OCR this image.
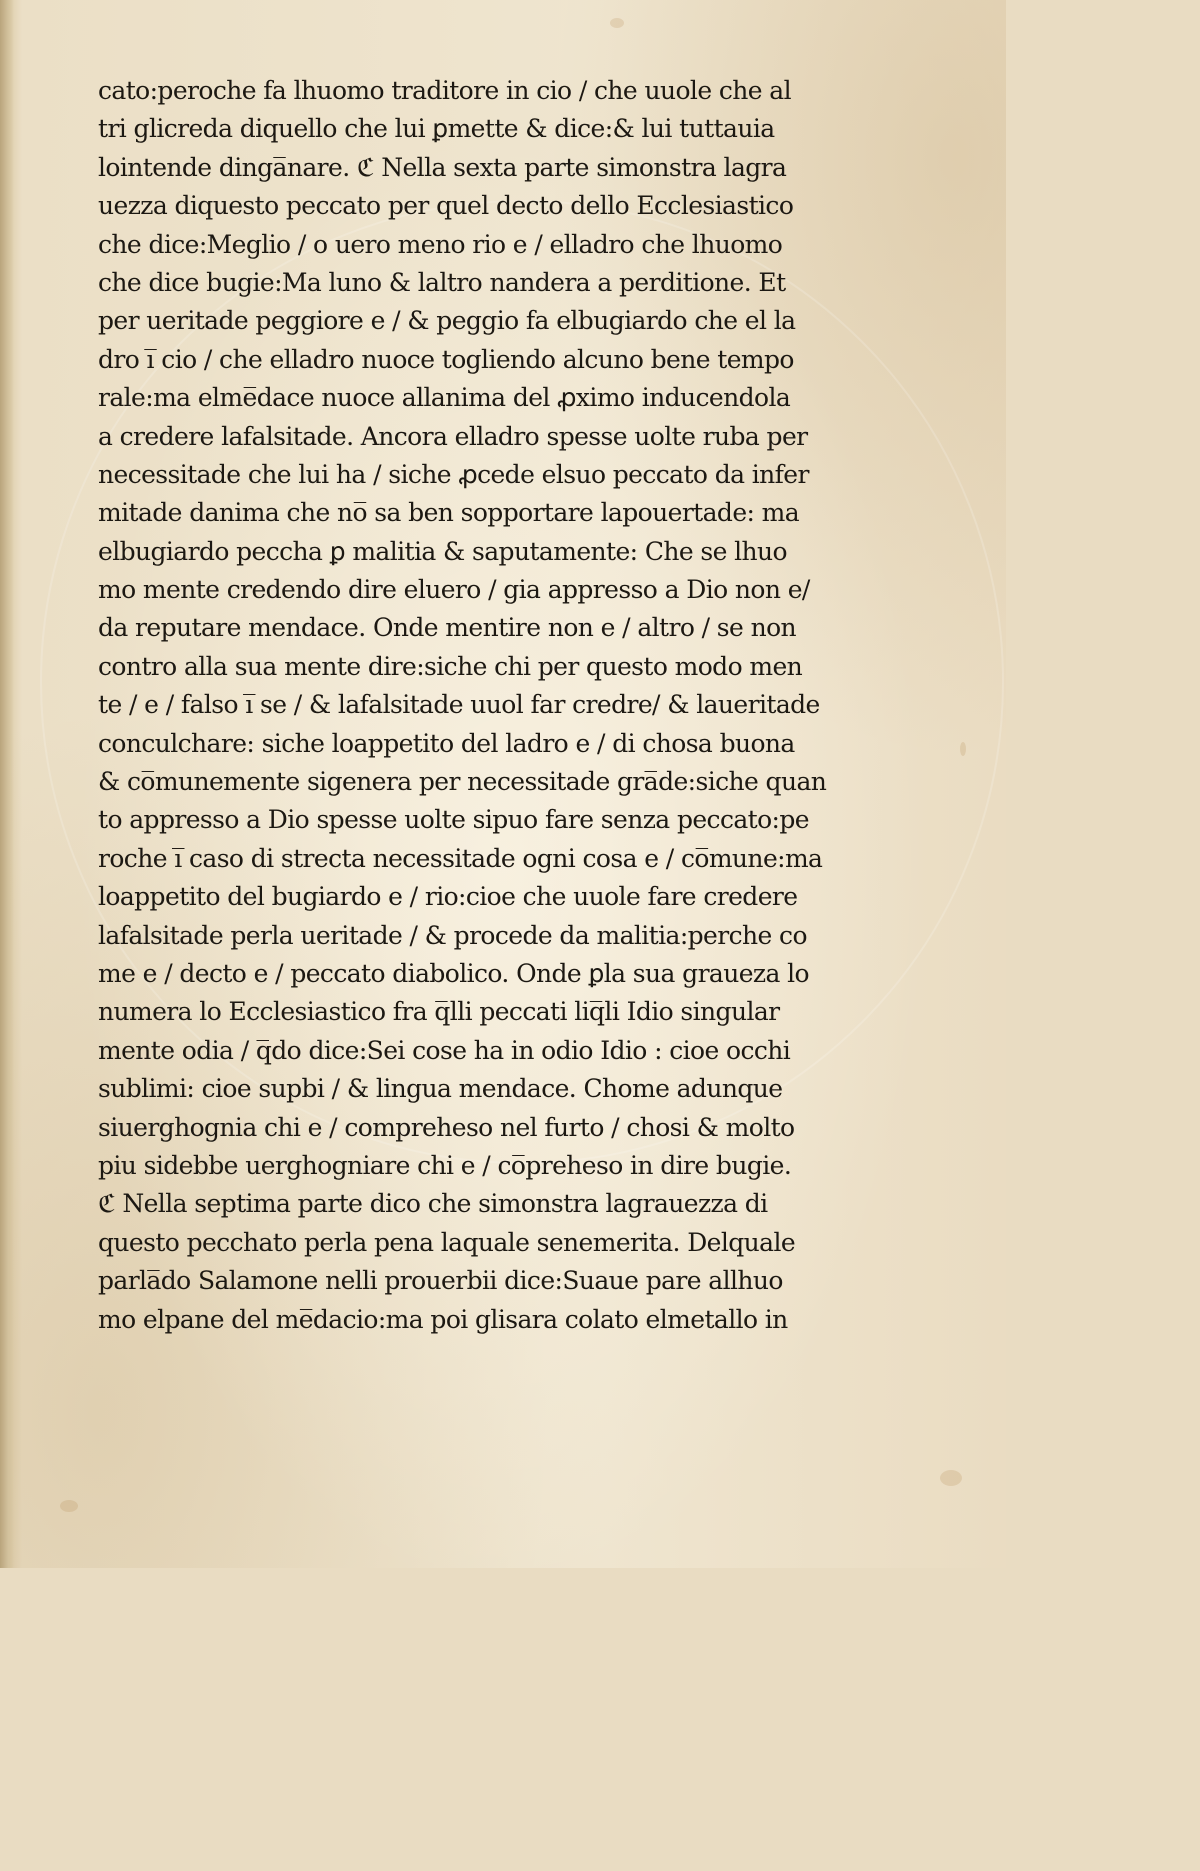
cato:peroche fa lhuomo traditore in cio / che uuole che al
tri glicreda diquello che lui ꝑmette & dice:& lui tuttauia
lointende dinga̅nare. ℭ Nella sexta parte simonstra lagra
uezza diquesto peccato per quel decto dello Ecclesiastico
che dice:Meglio / o uero meno rio e / elladro che lhuomo
che dice bugie:Ma luno & laltro nandera a perditione. Et
per ueritade peggiore e / & peggio fa elbugiardo che el la
dro i̅ cio / che elladro nuoce togliendo alcuno bene tempo
rale:ma elme̅dace nuoce allanima del ꝓximo inducendola
a credere lafalsitade. Ancora elladro spesse uolte ruba per
necessitade che lui ha / siche ꝓcede elsuo peccato da infer
mitade danima che no̅ sa ben sopportare lapouertade: ma
elbugiardo peccha ꝑ malitia & saputamente: Che se lhuo
mo mente credendo dire eluero / gia appresso a Dio non e/
da reputare mendace. Onde mentire non e / altro / se non
contro alla sua mente dire:siche chi per questo modo men
te / e / falso i̅ se / & lafalsitade uuol far credre/ & laueritade
conculchare: siche loappetito del ladro e / di chosa buona
& co̅munemente sigenera per necessitade gra̅de:siche quan
to appresso a Dio spesse uolte sipuo fare senza peccato:pe
roche i̅ caso di strecta necessitade ogni cosa e / co̅mune:ma
loappetito del bugiardo e / rio:cioe che uuole fare credere
lafalsitade perla ueritade / & procede da malitia:perche co
me e / decto e / peccato diabolico. Onde ꝑla sua graueza lo
numera lo Ecclesiastico fra q̅lli peccati liq̅li Idio singular
mente odia / q̅do dice:Sei cose ha in odio Idio : cioe occhi
sublimi: cioe supbi / & lingua mendace. Chome adunque
siuerghognia chi e / comprehesο nel furto / chosi & molto
piu sidebbe uerghogniare chi e / co̅prehesο in dire bugie.
ℭ Nella septima parte dico che simonstra lagrauezza di
questo pecchato perla pena laquale senemerita. Delquale
parla̅do Salamone nelli prouerbii dice:Suaue pare allhuo
mo elpane del me̅dacio:ma poi glisara colato elmetallo in
